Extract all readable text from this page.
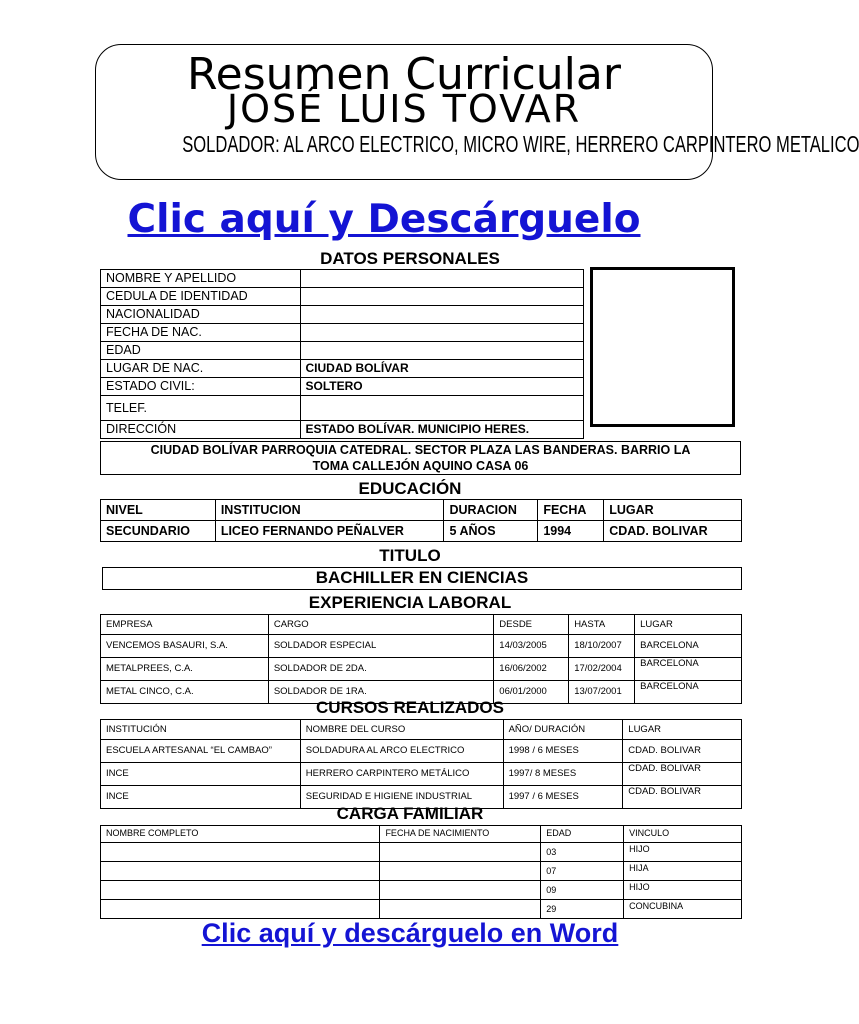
Resumen Curricular
JOSÉ LUIS TOVAR
SOLDADOR: AL ARCO ELECTRICO, MICRO WIRE, HERRERO CARPINTERO METALICO
Clic aquí y Descárguelo
DATOS PERSONALES
NOMBRE Y APELLIDO	
CEDULA DE IDENTIDAD	
NACIONALIDAD	
FECHA DE NAC.	
EDAD	
LUGAR DE NAC.	CIUDAD BOLÍVAR
ESTADO CIVIL:	SOLTERO
TELEF.	
DIRECCIÓN	ESTADO BOLÍVAR. MUNICIPIO HERES.
CIUDAD BOLÍVAR PARROQUIA CATEDRAL. SECTOR PLAZA LAS BANDERAS. BARRIO LA
TOMA CALLEJÓN AQUINO CASA 06
EDUCACIÓN
NIVEL	INSTITUCION	DURACION	FECHA	LUGAR
SECUNDARIO	LICEO FERNANDO PEÑALVER	5 AÑOS	1994	CDAD. BOLIVAR
TITULO
BACHILLER EN CIENCIAS
EXPERIENCIA LABORAL
EMPRESA	CARGO	DESDE	HASTA	LUGAR
VENCEMOS BASAURI, S.A.	SOLDADOR ESPECIAL	14/03/2005	18/10/2007	BARCELONA
METALPREES, C.A.	SOLDADOR DE 2DA.	16/06/2002	17/02/2004	BARCELONA
METAL CINCO, C.A.	SOLDADOR DE 1RA.	06/01/2000	13/07/2001	BARCELONA
CURSOS REALIZADOS
INSTITUCIÓN	NOMBRE DEL CURSO	AÑO/ DURACIÓN	LUGAR
ESCUELA ARTESANAL “EL CAMBAO”	SOLDADURA AL ARCO ELECTRICO	1998 / 6 MESES	CDAD. BOLIVAR
INCE	HERRERO CARPINTERO METÁLICO	1997/ 8 MESES	CDAD. BOLIVAR
INCE	SEGURIDAD E HIGIENE INDUSTRIAL	1997 / 6 MESES	CDAD. BOLIVAR
CARGA FAMILIAR
NOMBRE COMPLETO	FECHA DE NACIMIENTO	EDAD	VINCULO
		03	HIJO
		07	HIJA
		09	HIJO
		29	CONCUBINA
Clic aquí y descárguelo en Word
